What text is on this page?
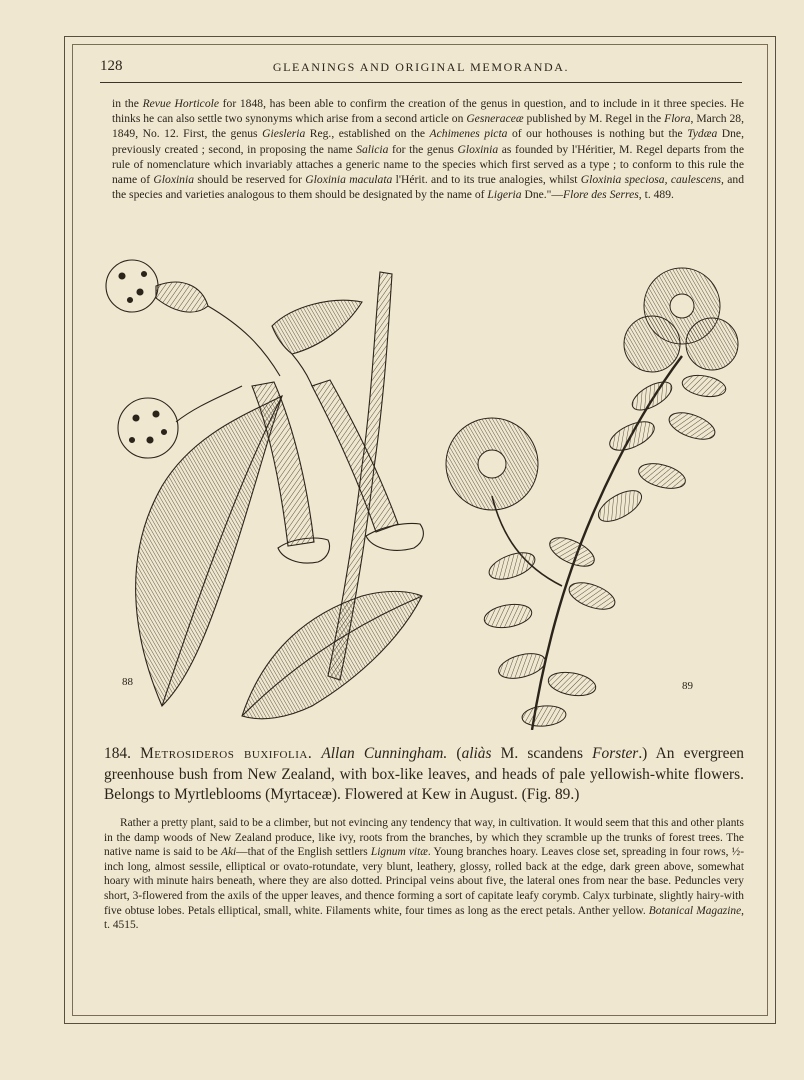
128	GLEANINGS AND ORIGINAL MEMORANDA.

in the Revue Horticole for 1848, has been able to confirm the creation of the genus in question, and to include in it three species. He thinks he can also settle two synonyms which arise from a second article on Gesneraceæ published by M. Regel in the Flora, March 28, 1849, No. 12. First, the genus Giesleria Reg., established on the Achimenes picta of our hothouses is nothing but the Tydæa Dne, previously created ; second, in proposing the name Salicia for the genus Gloxinia as founded by l'Héritier, M. Regel departs from the rule of nomenclature which invariably attaches a generic name to the species which first served as a type ; to conform to this rule the name of Gloxinia should be reserved for Gloxinia maculata l'Hérit. and to its true analogies, whilst Gloxinia speciosa, caulescens, and the species and varieties analogous to them should be designated by the name of Ligeria Dne."—Flore des Serres, t. 489.

88	89
184. Metrosideros buxifolia. Allan Cunningham. (aliàs M. scandens Forster.) An evergreen greenhouse bush from New Zealand, with box-like leaves, and heads of pale yellowish-white flowers. Belongs to Myrtleblooms (Myrtaceæ). Flowered at Kew in August. (Fig. 89.)

Rather a pretty plant, said to be a climber, but not evincing any tendency that way, in cultivation. It would seem that this and other plants in the damp woods of New Zealand produce, like ivy, roots from the branches, by which they scramble up the trunks of forest trees. The native name is said to be Aki—that of the English settlers Lignum vitæ. Young branches hoary. Leaves close set, spreading in four rows, ½-inch long, almost sessile, elliptical or ovato-rotundate, very blunt, leathery, glossy, rolled back at the edge, dark green above, somewhat hoary with minute hairs beneath, where they are also dotted. Principal veins about five, the lateral ones from near the base. Peduncles very short, 3-flowered from the axils of the upper leaves, and thence forming a sort of capitate leafy corymb. Calyx turbinate, slightly hairy-with five obtuse lobes. Petals elliptical, small, white. Filaments white, four times as long as the erect petals. Anther yellow. Botanical Magazine, t. 4515.
